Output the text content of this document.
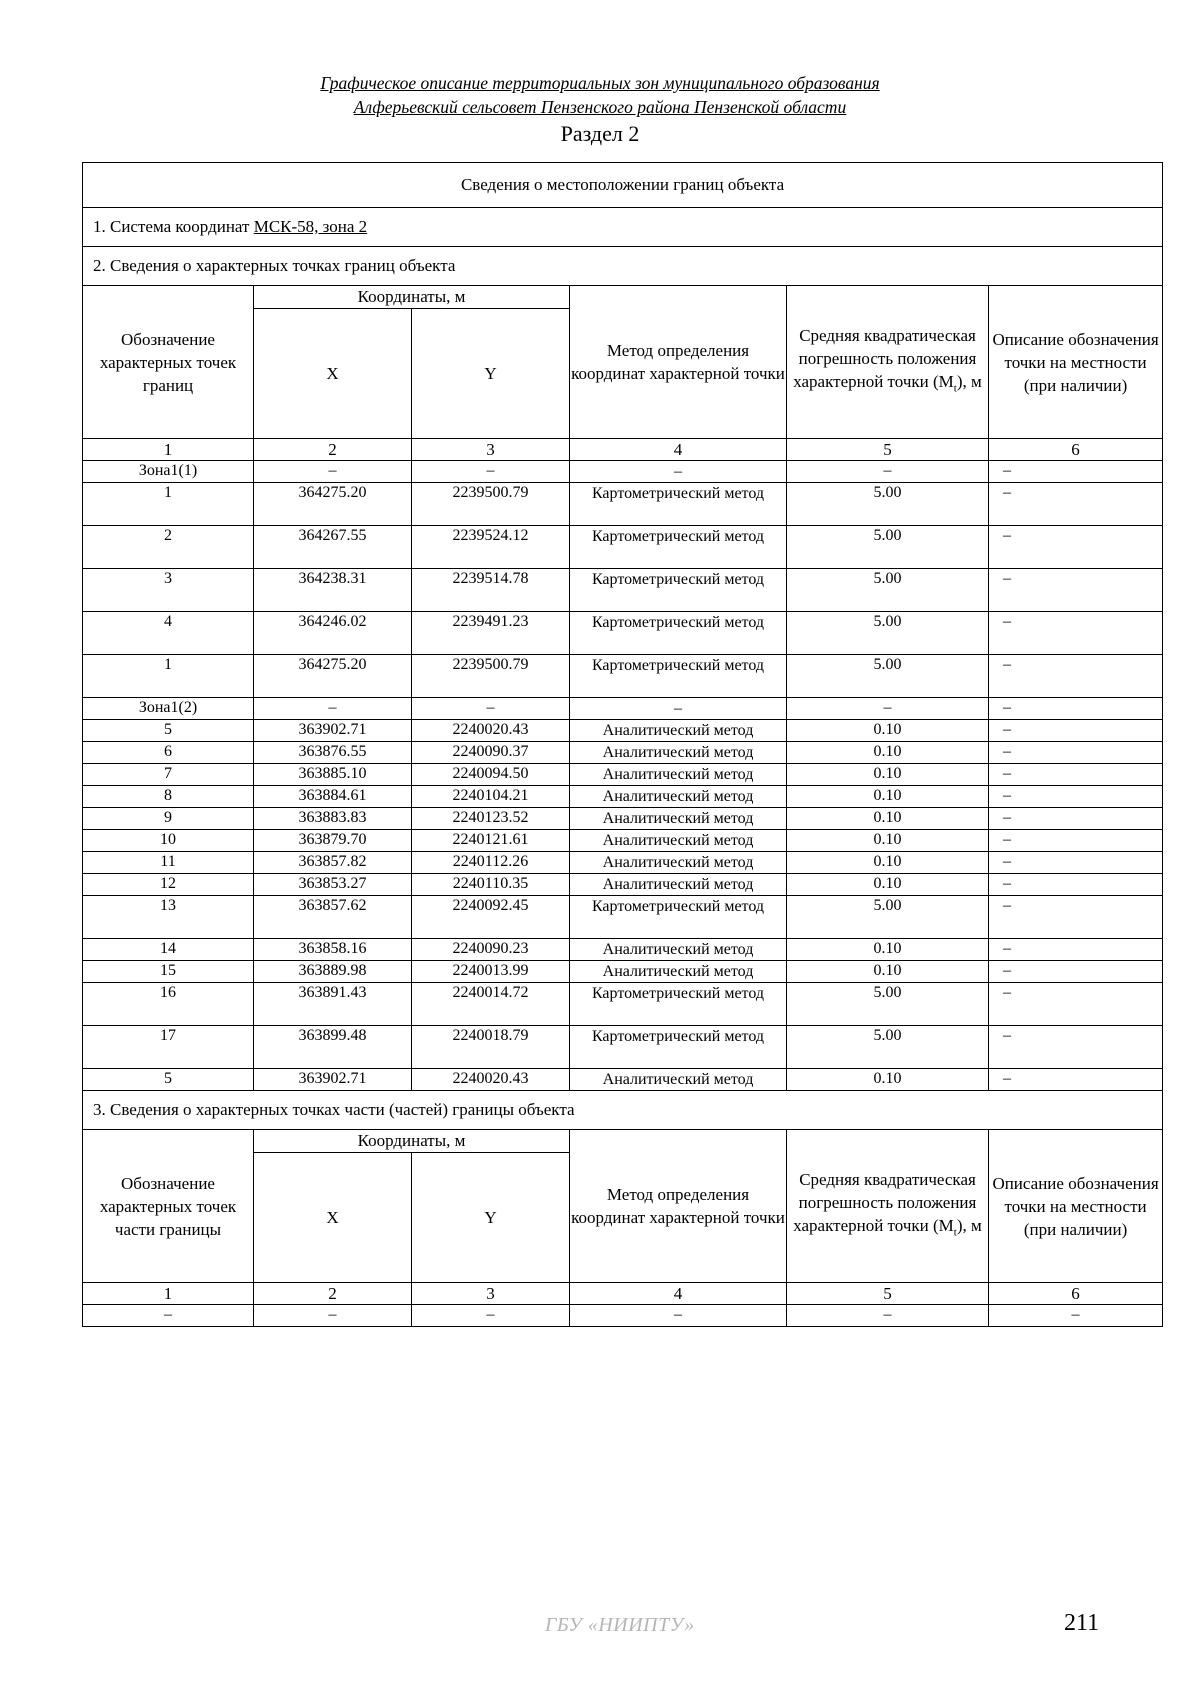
Графическое описание территориальных зон муниципального образования
Алферьевский сельсовет Пензенского района Пензенской области
Раздел 2
Сведения о местоположении границ объекта					
1. Система координат МСК-58, зона 2					
2. Сведения о характерных точках границ объекта					
Обозначение характерных точек границ	Координаты, м		Метод определения координат характерной точки	Средняя квадратическая погрешность положения характерной точки $(M_t)$, м	Описание обозначения точки на местности (при наличии)
	X	Y			
1	2	3	4	5	6
Зона1(1)	–	–	–	–	–
1	364275.20	2239500.79	Картометрический метод	5.00	–
2	364267.55	2239524.12	Картометрический метод	5.00	–
3	364238.31	2239514.78	Картометрический метод	5.00	–
4	364246.02	2239491.23	Картометрический метод	5.00	–
1	364275.20	2239500.79	Картометрический метод	5.00	–
Зона1(2)	–	–	–	–	–
5	363902.71	2240020.43	Аналитический метод	0.10	–
6	363876.55	2240090.37	Аналитический метод	0.10	–
7	363885.10	2240094.50	Аналитический метод	0.10	–
8	363884.61	2240104.21	Аналитический метод	0.10	–
9	363883.83	2240123.52	Аналитический метод	0.10	–
10	363879.70	2240121.61	Аналитический метод	0.10	–
11	363857.82	2240112.26	Аналитический метод	0.10	–
12	363853.27	2240110.35	Аналитический метод	0.10	–
13	363857.62	2240092.45	Картометрический метод	5.00	–
14	363858.16	2240090.23	Аналитический метод	0.10	–
15	363889.98	2240013.99	Аналитический метод	0.10	–
16	363891.43	2240014.72	Картометрический метод	5.00	–
17	363899.48	2240018.79	Картометрический метод	5.00	–
5	363902.71	2240020.43	Аналитический метод	0.10	–
3. Сведения о характерных точках части (частей) границы объекта					
Обозначение характерных точек части границы	Координаты, м		Метод определения координат характерной точки	Средняя квадратическая погрешность положения характерной точки $(M_t)$, м	Описание обозначения точки на местности (при наличии)
	X	Y			
1	2	3	4	5	6
–	–	–	–	–	–
ГБУ «НИИПТУ»	211
